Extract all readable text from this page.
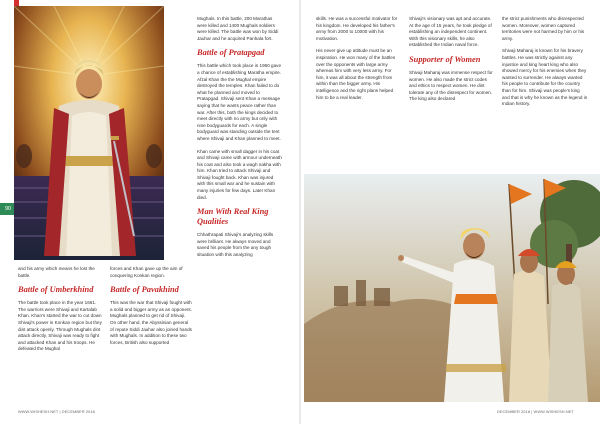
90

and his army which means he lost the battle.

Battle of Umberkhind

The battle took place in the year 1661. The warriors were Shivaji and Kartalab Khan. Khan's started the war to cut down Shivaji's power in Konkan region but they dint attack openly. Through Mughals dint attack directly, Shivaji was ready to fight and attacked Khan and his troops. He defeated the Mughal

forces and Khan gave up the aim of conquering Konkan region.

Battle of Pavakhind

This was the war that Shivaji fought with a solid and bigger army as an opponent. Mughals planned to get rid of Shivaji. On other hand, the Abyssinian general of repute Siddi Jauhar also joined hands with Mughals. In addition to these two forces, British also supported

Mughals. In this battle, 200 Marathas were killed and 1400 Mughals soldiers were killed. The battle was won by Siddi Jauhar and he acquired Panhala fort.

Battle of Pratapgad

This battle which took place in 1960 gave a chance of establishing Maratha empire. Afzal Khan the the Mughal empire destroyed the temples. Khan failed to do what he planned and moved to Pratapgad. Shivaji sent Khan a message saying that he wants peace rather than war. After this, both the kings decided to meet directly with no army but only with nine bodyguards for each. A single bodyguard was standing outside the tent where Shivaji and Khan planned to meet.

Khan came with small dagger in his coat and Shivaji came with armour underneath his coat and also took a wagh nakha with him. Khan tried to attack Shivaji and Shivaji fought back. Khan was injured with this small war and he sustain with many injuries for few days. Later Khan died.

Man With Real King Qualities

Chhathrapati Shivaji's analyzing skills were brilliant. He always moved and saved his people from the any tough situation with this analyzing

skills. He was a successful motivator for his kingdom. He developed his father's army from 2000 to 10000 with his motivation.

His never give up attitude must be an inspiration. He won many of the battles over the opponents with large army whereas him with very less army. For him, it was all about the strength from within than the bigger army. His intelligence and the right plans helped him to be a real leader.

Shivaji's visionary was apt and accurate. At the age of 15 years, he took pledge of establishing an independent continent. With this visionary skills, he also established the Indian naval force.

Supporter of Women

Shivaji Maharaj was immense respect for women. He also made the strict codes and ethics to respect women. He dint tolerate any of the disrespect for women. The king also declared

the strict punishments who disrespected women. Moreover, women captured territories were not harmed by him or his army.

Shivaji Maharaj is known for his bravery battles. He was strictly against any injustice and king heart king who also showed mercy for his enemies when they wanted to surrender. He always wanted his people to contribute for the country than for him. Shivaji was people's king and that is why he known as the legend in Indian history.

WWW.WISHESH.NET | DECEMBER 2018	DECEMBER 2018 | WWW.WISHESH.NET
